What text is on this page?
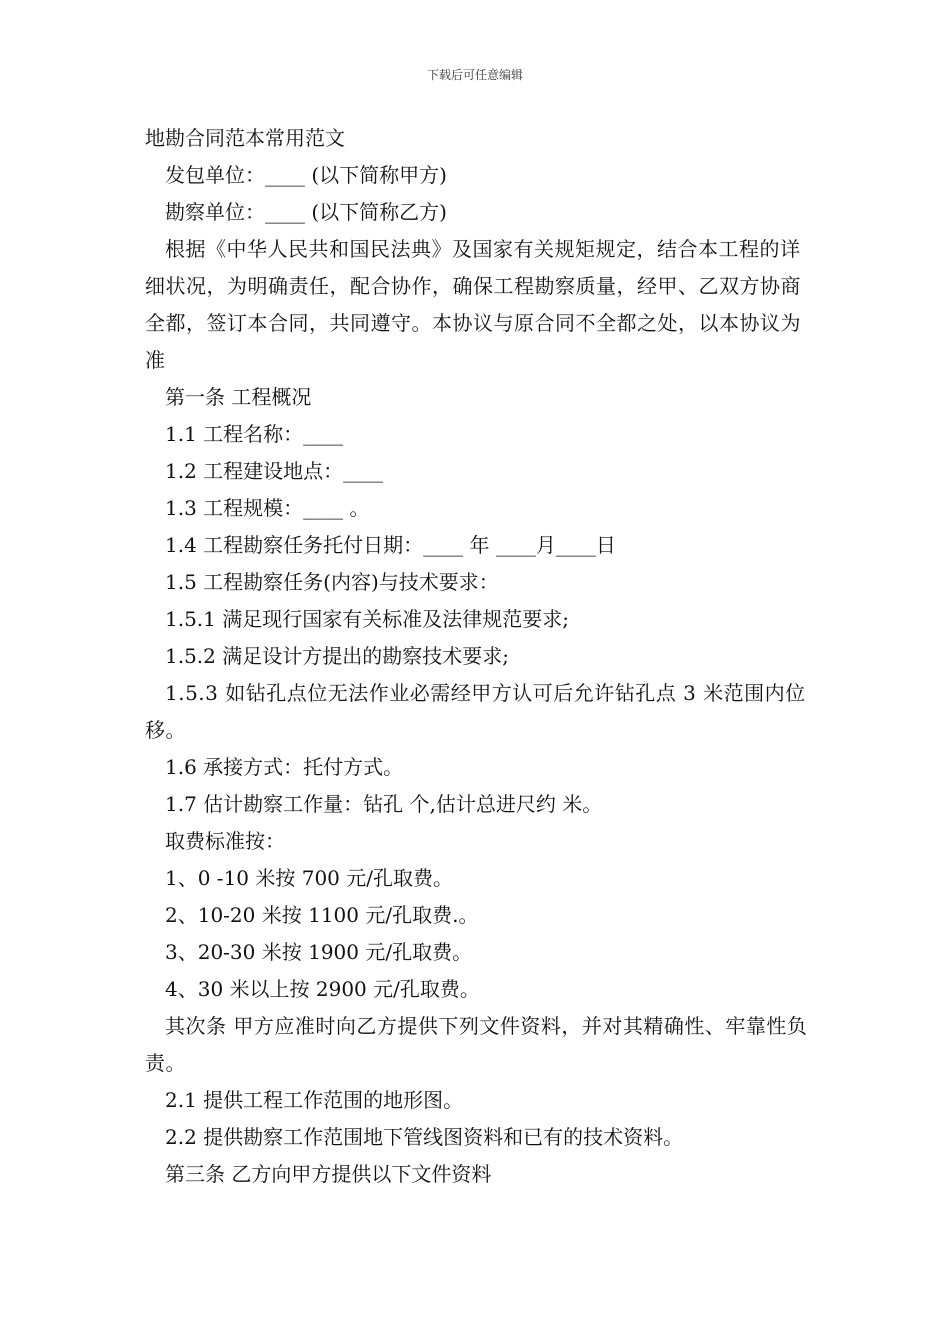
下载后可任意编辑

地勘合同范本常用范文

发包单位：____ (以下简称甲方)

勘察单位：____ (以下简称乙方)

根据《中华人民共和国民法典》及国家有关规矩规定，结合本工程的详细状况，为明确责任，配合协作，确保工程勘察质量，经甲、乙双方协商全都，签订本合同，共同遵守。本协议与原合同不全都之处，以本协议为准

第一条 工程概况

1.1 工程名称：____

1.2 工程建设地点：____

1.3 工程规模：____ 。

1.4 工程勘察任务托付日期：____ 年 ____月____日

1.5 工程勘察任务(内容)与技术要求：

1.5.1 满足现行国家有关标准及法律规范要求;

1.5.2 满足设计方提出的勘察技术要求;

1.5.3 如钻孔点位无法作业必需经甲方认可后允许钻孔点 3 米范围内位移。

1.6 承接方式：托付方式。

1.7 估计勘察工作量：钻孔 个,估计总进尺约 米。

取费标准按：

1、0 -10 米按 700 元/孔取费。

2、10-20 米按 1100 元/孔取费.。

3、20-30 米按 1900 元/孔取费。

4、30 米以上按 2900 元/孔取费。

其次条 甲方应准时向乙方提供下列文件资料，并对其精确性、牢靠性负责。

2.1 提供工程工作范围的地形图。

2.2 提供勘察工作范围地下管线图资料和已有的技术资料。

第三条 乙方向甲方提供以下文件资料
